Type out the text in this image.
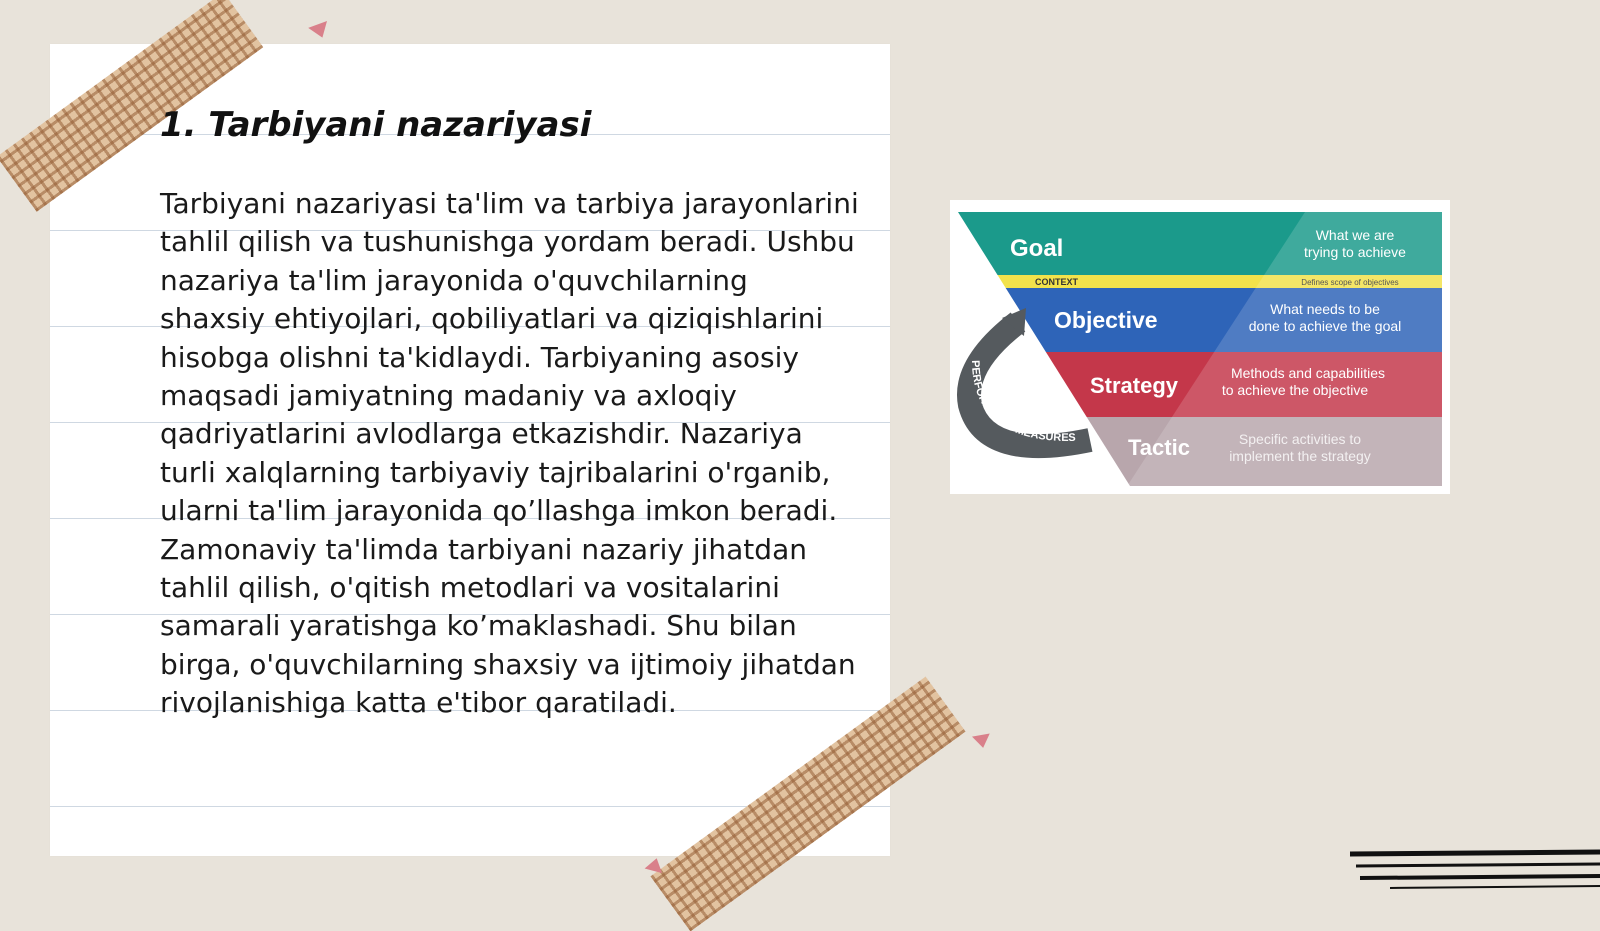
1. Tarbiyani nazariyasi

Tarbiyani nazariyasi ta'lim va tarbiya jarayonlarini tahlil qilish va tushunishga yordam beradi. Ushbu nazariya ta'lim jarayonida o'quvchilarning shaxsiy ehtiyojlari, qobiliyatlari va qiziqishlarini hisobga olishni ta'kidlaydi. Tarbiyaning asosiy maqsadi jamiyatning madaniy va axloqiy qadriyatlarini avlodlarga etkazishdir. Nazariya turli xalqlarning tarbiyaviy tajribalarini o'rganib, ularni ta'lim jarayonida qo’llashga imkon beradi. Zamonaviy ta'limda tarbiyani nazariy jihatdan tahlil qilish, o'qitish metodlari va vositalarini samarali yaratishga ko’maklashadi. Shu bilan birga, o'quvchilarning shaxsiy va ijtimoiy jihatdan rivojlanishiga katta e'tibor qaratiladi.

Goal	What we are
trying to achieve
CONTEXT	Defines scope of objectives
Objective	What needs to be
done to achieve the goal
Strategy	Methods and capabilities
to achieve the objective
Tactic	Specific activities to
implement the strategy
PERFORMANCE MEASURES
